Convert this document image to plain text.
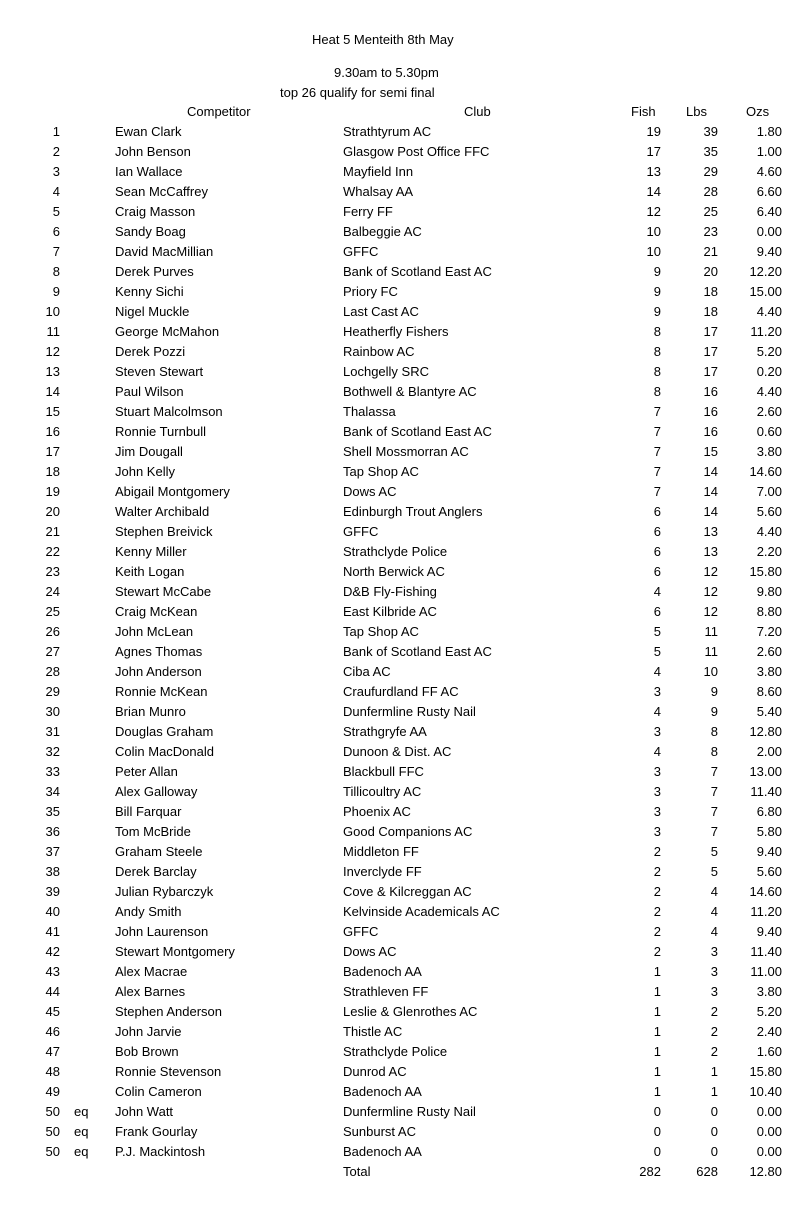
Heat 5 Menteith 8th May
9.30am to 5.30pm
top 26 qualify for semi final
Competitor	Club	Fish Lbs	Ozs
1	Ewan Clark	Strathtyrum AC	19	39	1.80
2	John Benson	Glasgow Post Office FFC	17	35	1.00
3	Ian Wallace	Mayfield Inn	13	29	4.60
4	Sean McCaffrey	Whalsay AA	14	28	6.60
5	Craig Masson	Ferry FF	12	25	6.40
6	Sandy Boag	Balbeggie AC	10	23	0.00
7	David MacMillian	GFFC	10	21	9.40
8	Derek Purves	Bank of Scotland East AC	9	20	12.20
9	Kenny Sichi	Priory FC	9	18	15.00
10	Nigel Muckle	Last Cast AC	9	18	4.40
11	George McMahon	Heatherfly Fishers	8	17	11.20
12	Derek Pozzi	Rainbow AC	8	17	5.20
13	Steven Stewart	Lochgelly SRC	8	17	0.20
14	Paul Wilson	Bothwell & Blantyre AC	8	16	4.40
15	Stuart Malcolmson	Thalassa	7	16	2.60
16	Ronnie Turnbull	Bank of Scotland East AC	7	16	0.60
17	Jim Dougall	Shell Mossmorran AC	7	15	3.80
18	John Kelly	Tap Shop AC	7	14	14.60
19	Abigail Montgomery	Dows AC	7	14	7.00
20	Walter Archibald	Edinburgh Trout Anglers	6	14	5.60
21	Stephen Breivick	GFFC	6	13	4.40
22	Kenny Miller	Strathclyde Police	6	13	2.20
23	Keith Logan	North Berwick AC	6	12	15.80
24	Stewart McCabe	D&B Fly-Fishing	4	12	9.80
25	Craig McKean	East Kilbride AC	6	12	8.80
26	John McLean	Tap Shop AC	5	11	7.20
27	Agnes Thomas	Bank of Scotland East AC	5	11	2.60
28	John Anderson	Ciba AC	4	10	3.80
29	Ronnie McKean	Craufurdland FF AC	3	9	8.60
30	Brian Munro	Dunfermline Rusty Nail	4	9	5.40
31	Douglas Graham	Strathgryfe AA	3	8	12.80
32	Colin MacDonald	Dunoon & Dist. AC	4	8	2.00
33	Peter Allan	Blackbull FFC	3	7	13.00
34	Alex Galloway	Tillicoultry AC	3	7	11.40
35	Bill Farquar	Phoenix AC	3	7	6.80
36	Tom McBride	Good Companions AC	3	7	5.80
37	Graham Steele	Middleton FF	2	5	9.40
38	Derek Barclay	Inverclyde FF	2	5	5.60
39	Julian Rybarczyk	Cove & Kilcreggan AC	2	4	14.60
40	Andy Smith	Kelvinside Academicals AC	2	4	11.20
41	John Laurenson	GFFC	2	4	9.40
42	Stewart Montgomery	Dows AC	2	3	11.40
43	Alex Macrae	Badenoch AA	1	3	11.00
44	Alex Barnes	Strathleven FF	1	3	3.80
45	Stephen Anderson	Leslie & Glenrothes AC	1	2	5.20
46	John Jarvie	Thistle AC	1	2	2.40
47	Bob Brown	Strathclyde Police	1	2	1.60
48	Ronnie Stevenson	Dunrod AC	1	1	15.80
49	Colin Cameron	Badenoch AA	1	1	10.40
50 eq John Watt	Dunfermline Rusty Nail	0	0	0.00
50 eq Frank Gourlay	Sunburst AC	0	0	0.00
50 eq P.J. Mackintosh	Badenoch AA	0	0	0.00
Total	282	628	12.80
